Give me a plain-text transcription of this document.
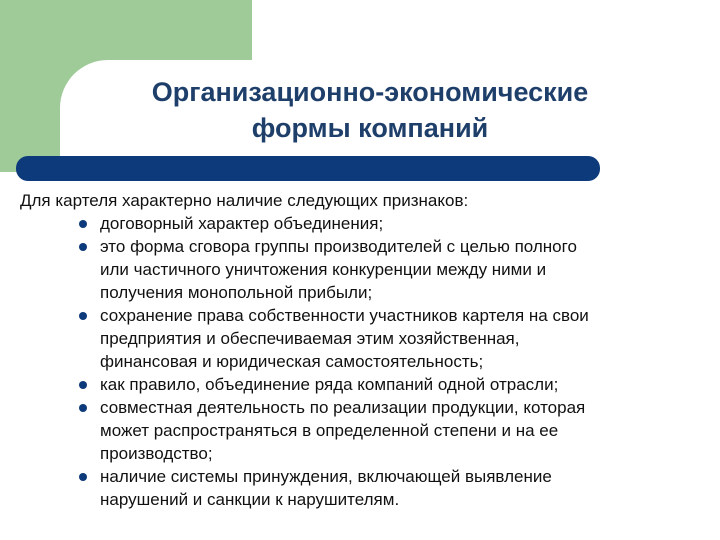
Организационно-экономические
формы компаний

Для картеля характерно наличие следующих признаков:

договорный характер объединения;
это форма сговора группы производителей с целью полного
или частичного уничтожения конкуренции между ними и
получения монопольной прибыли;
сохранение права собственности участников картеля на свои
предприятия и обеспечиваемая этим хозяйственная,
финансовая и юридическая самостоятельность;
как правило, объединение ряда компаний одной отрасли;
совместная деятельность по реализации продукции, которая
может распространяться в определенной степени и на ее
производство;
наличие системы принуждения, включающей выявление
нарушений и санкции к нарушителям.
